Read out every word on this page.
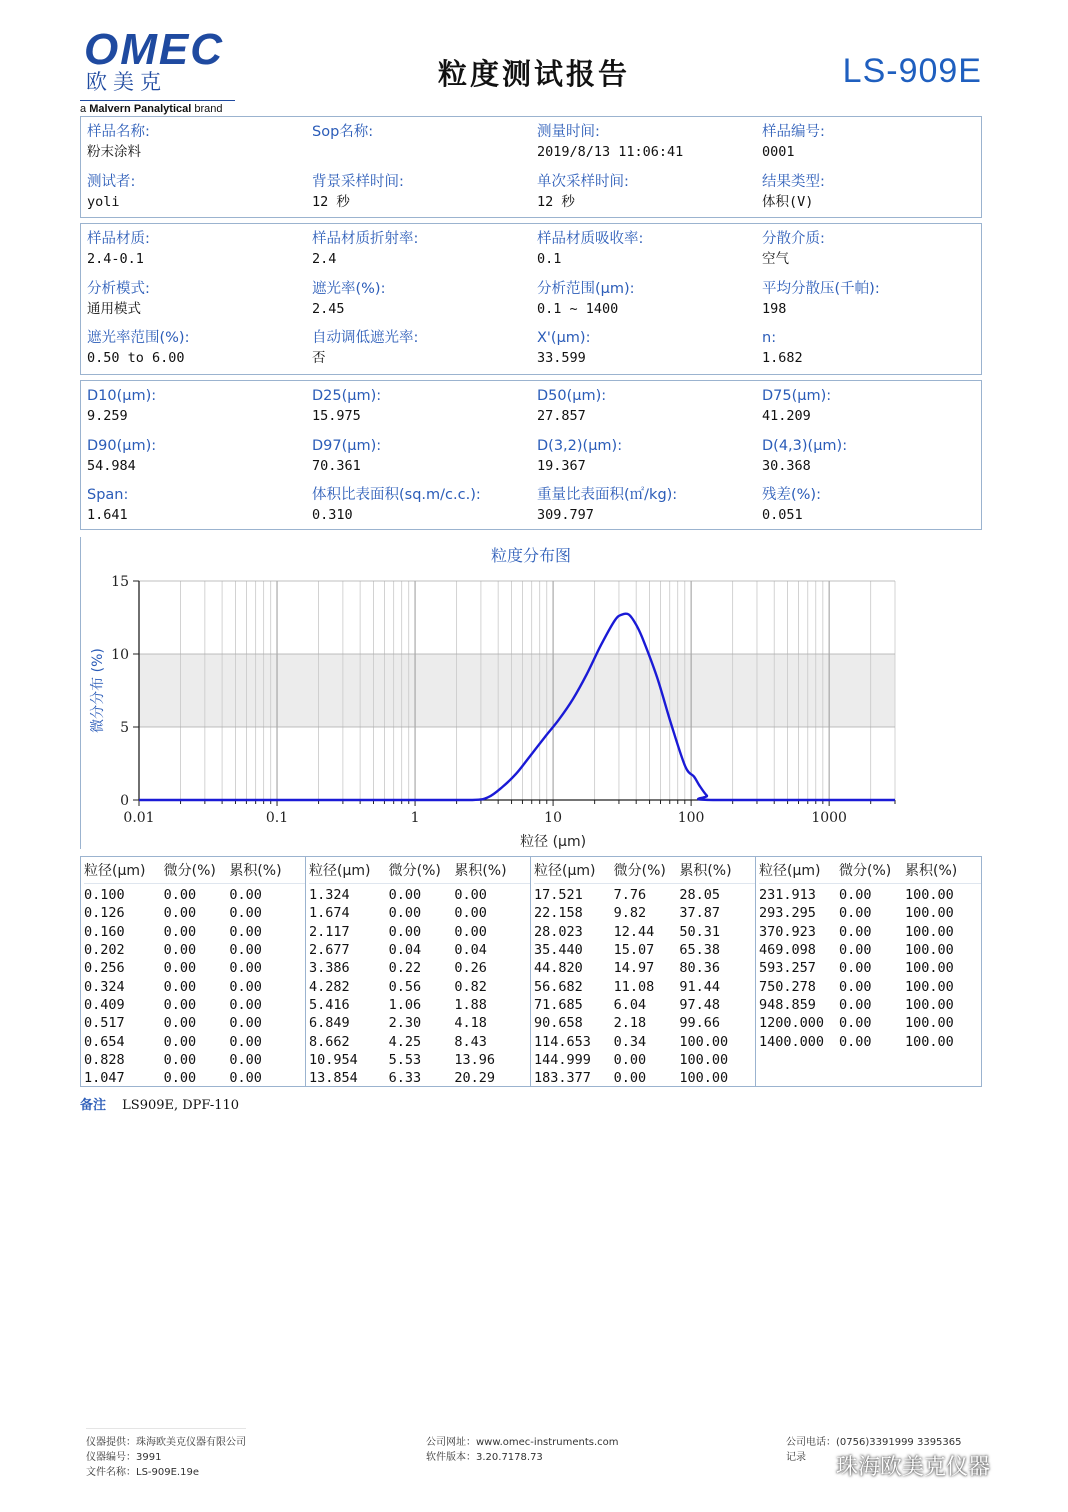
OMEC
欧美克
a Malvern Panalytical brand
粒度测试报告	LS-909E
样品名称:
粉末涂料
Sop名称:	测量时间:
2019/8/13 11:06:41
样品编号:
0001
测试者:
yoli
背景采样时间:
12 秒
单次采样时间:
12 秒
结果类型:
体积(V)
样品材质:
2.4-0.1
样品材质折射率:
2.4
样品材质吸收率:
0.1
分散介质:
空气
分析模式:
通用模式
遮光率(%):
2.45
分析范围(μm):
0.1 ~ 1400
平均分散压(千帕):
198
遮光率范围(%):
0.50 to 6.00
自动调低遮光率:
否
X'(μm):
33.599
n:
1.682
D10(μm):
9.259
D25(μm):
15.975
D50(μm):
27.857
D75(μm):
41.209
D90(μm):
54.984
D97(μm):
70.361
D(3,2)(μm):
19.367
D(4,3)(μm):
30.368
Span:
1.641
体积比表面积(sq.m/c.c.):
0.310
重量比表面积(㎡/kg):
309.797
残差(%):
0.051
粒度分布图
0.01	0.1	1	10	100	1000
0
5
10
15
粒径 (μm)
微分分布 (%)
粒径(μm)	微分(%) 累积(%)
0.100	0.00	0.00
0.126	0.00	0.00
0.160	0.00	0.00
0.202	0.00	0.00
0.256	0.00	0.00
0.324	0.00	0.00
0.409	0.00	0.00
0.517	0.00	0.00
0.654	0.00	0.00
0.828	0.00	0.00
1.047	0.00	0.00
粒径(μm)	微分(%) 累积(%)
1.324	0.00	0.00
1.674	0.00	0.00
2.117	0.00	0.00
2.677	0.04	0.04
3.386	0.22	0.26
4.282	0.56	0.82
5.416	1.06	1.88
6.849	2.30	4.18
8.662	4.25	8.43
10.954	5.53	13.96
13.854	6.33	20.29
粒径(μm)	微分(%) 累积(%)
17.521	7.76	28.05
22.158	9.82	37.87
28.023	12.44	50.31
35.440	15.07	65.38
44.820	14.97	80.36
56.682	11.08	91.44
71.685	6.04	97.48
90.658	2.18	99.66
114.653	0.34	100.00
144.999	0.00	100.00
183.377	0.00	100.00
粒径(μm)	微分(%) 累积(%)
231.913	0.00	100.00
293.295	0.00	100.00
370.923	0.00	100.00
469.098	0.00	100.00
593.257	0.00	100.00
750.278	0.00	100.00
948.859	0.00	100.00
1200.000	0.00	100.00
1400.000	0.00	100.00
备注 LS909E, DPF-110
仪器提供：珠海欧美克仪器有限公司
仪器编号：3991
文件名称：LS-909E.19e
公司网址：www.omec-instruments.com
软件版本：3.20.7178.73
公司电话：(0756)3391999 3395365
记录	珠海欧美克仪器
